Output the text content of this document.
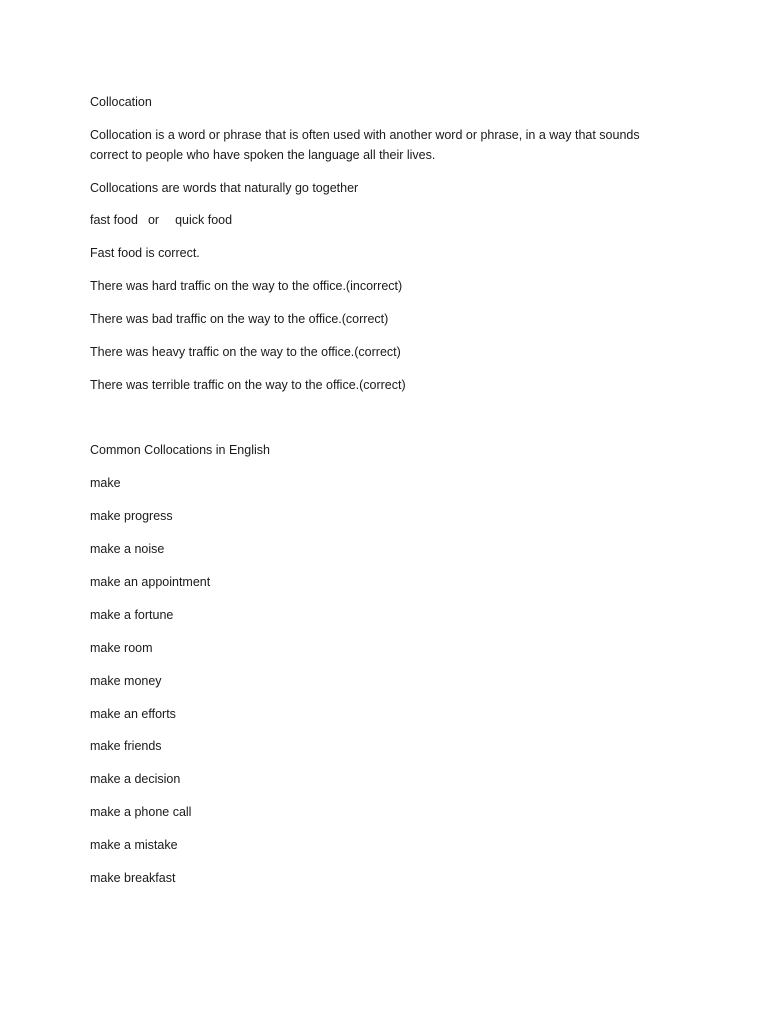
Collocation
Collocation is a word or phrase that is often used with another word or phrase, in a way that sounds correct to people who have spoken the language all their lives.
Collocations are words that naturally go together
fast food or quick food
Fast food is correct.
There was hard traffic on the way to the office.(incorrect)
There was bad traffic on the way to the office.(correct)
There was heavy traffic on the way to the office.(correct)
There was terrible traffic on the way to the office.(correct)
Common Collocations in English
make
make progress
make a noise
make an appointment
make a fortune
make room
make money
make an efforts
make friends
make a decision
make a phone call
make a mistake
make breakfast
